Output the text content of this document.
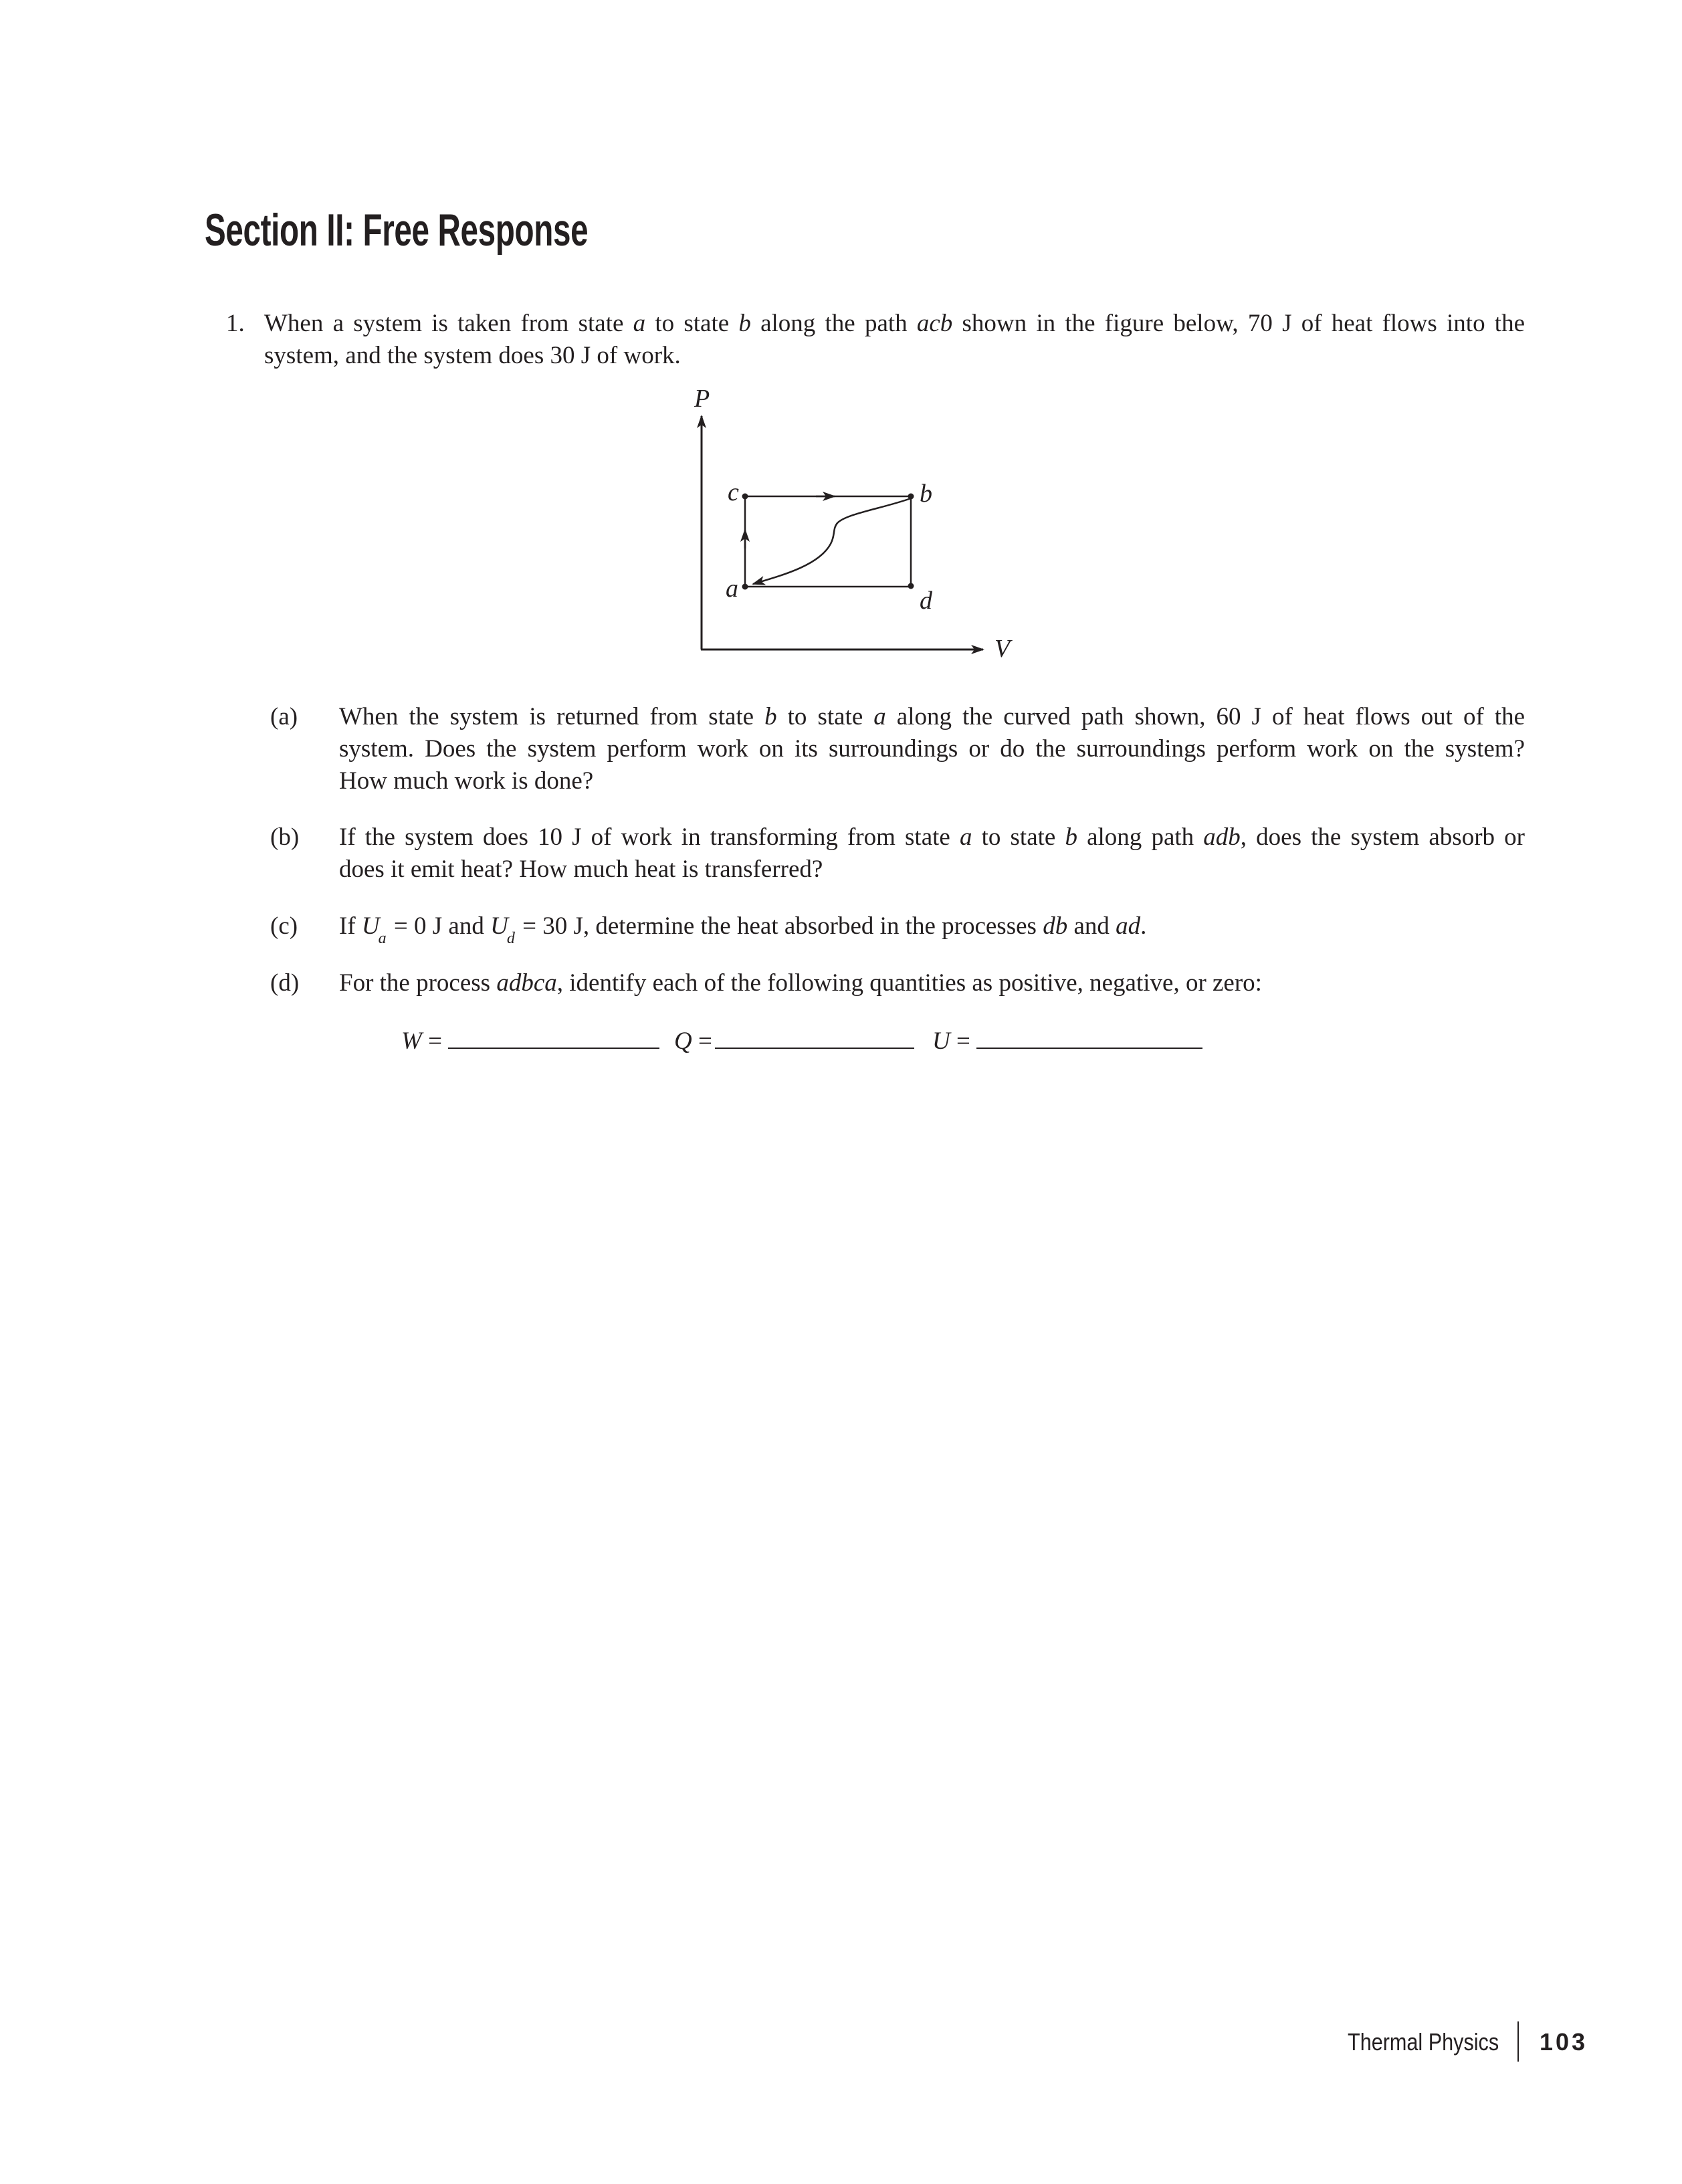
Section II: Free Response
1. When a system is taken from state a to state b along the path acb shown in the figure below, 70 J of heat flows into the
system, and the system does 30 J of work.
P
V
c	b
a	d
(a) When the system is returned from state b to state a along the curved path shown, 60 J of heat flows out of the
system. Does the system perform work on its surroundings or do the surroundings perform work on the system?
How much work is done?
(b) If the system does 10 J of work in transforming from state a to state b along path adb, does the system absorb or
does it emit heat? How much heat is transferred?
(c) If $U_a = 0$ J and $U_d = 30$ J, determine the heat absorbed in the processes db and ad.
(d) For the process adbca, identify each of the following quantities as positive, negative, or zero:
W =	Q =	U =
Thermal Physics 103
